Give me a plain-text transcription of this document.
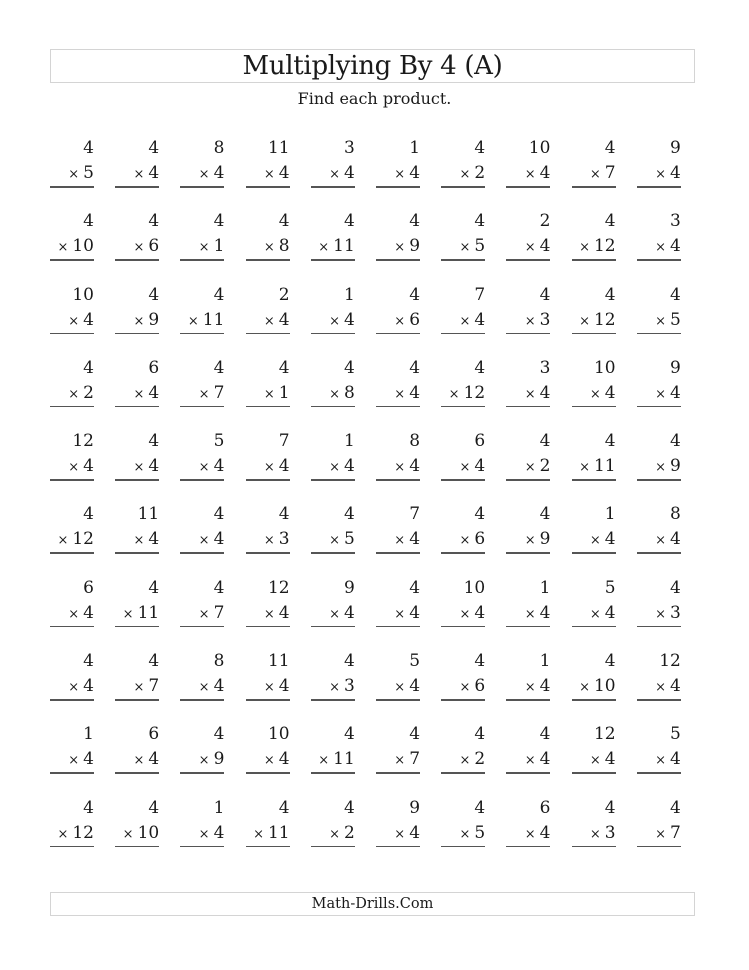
Multiplying By 4 (A)
Find each product.
4
× 5
4
× 4
8
× 4
11
× 4
3
× 4
1
× 4
4
× 2
10
× 4
4
× 7
9
× 4
4
× 10
4
× 6
4
× 1
4
× 8
4
× 11
4
× 9
4
× 5
2
× 4
4
× 12
3
× 4
10
× 4
4
× 9
4
× 11
2
× 4
1
× 4
4
× 6
7
× 4
4
× 3
4
× 12
4
× 5
4
× 2
6
× 4
4
× 7
4
× 1
4
× 8
4
× 4
4
× 12
3
× 4
10
× 4
9
× 4
12
× 4
4
× 4
5
× 4
7
× 4
1
× 4
8
× 4
6
× 4
4
× 2
4
× 11
4
× 9
4
× 12
11
× 4
4
× 4
4
× 3
4
× 5
7
× 4
4
× 6
4
× 9
1
× 4
8
× 4
6
× 4
4
× 11
4
× 7
12
× 4
9
× 4
4
× 4
10
× 4
1
× 4
5
× 4
4
× 3
4
× 4
4
× 7
8
× 4
11
× 4
4
× 3
5
× 4
4
× 6
1
× 4
4
× 10
12
× 4
1
× 4
6
× 4
4
× 9
10
× 4
4
× 11
4
× 7
4
× 2
4
× 4
12
× 4
5
× 4
4
× 12
4
× 10
1
× 4
4
× 11
4
× 2
9
× 4
4
× 5
6
× 4
4
× 3
4
× 7
Math-Drills.Com
